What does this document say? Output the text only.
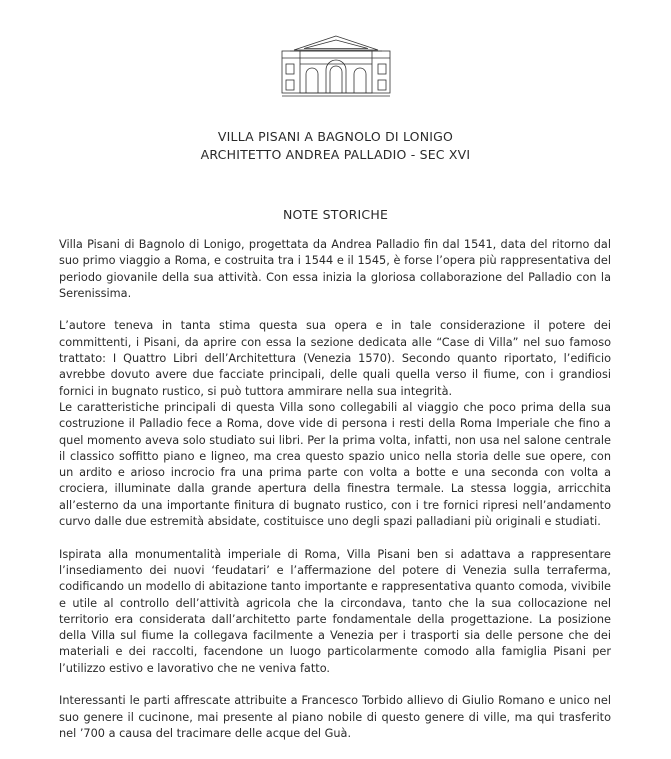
VILLA PISANI A BAGNOLO DI LONIGO
ARCHITETTO ANDREA PALLADIO - SEC XVI
NOTE STORICHE

Villa Pisani di Bagnolo di Lonigo, progettata da Andrea Palladio fin dal 1541, data del ritorno dal suo primo viaggio a Roma, e costruita tra i 1544 e il 1545, è forse l’opera più rappresentativa del periodo giovanile della sua attività. Con essa inizia la gloriosa collaborazione del Palladio con la Serenissima.

L’autore teneva in tanta stima questa sua opera e in tale considerazione il potere dei committenti, i Pisani, da aprire con essa la sezione dedicata alle “Case di Villa” nel suo famoso trattato: I Quattro Libri dell’Architettura (Venezia 1570). Secondo quanto riportato, l’edificio avrebbe dovuto avere due facciate principali, delle quali quella verso il fiume, con i grandiosi fornici in bugnato rustico, si può tuttora ammirare nella sua integrità.

Le caratteristiche principali di questa Villa sono collegabili al viaggio che poco prima della sua costruzione il Palladio fece a Roma, dove vide di persona i resti della Roma Imperiale che fino a quel momento aveva solo studiato sui libri. Per la prima volta, infatti, non usa nel salone centrale il classico soffitto piano e ligneo, ma crea questo spazio unico nella storia delle sue opere, con un ardito e arioso incrocio fra una prima parte con volta a botte e una seconda con volta a crociera, illuminate dalla grande apertura della finestra termale. La stessa loggia, arricchita all’esterno da una importante finitura di bugnato rustico, con i tre fornici ripresi nell’andamento curvo dalle due estremità absidate, costituisce uno degli spazi palladiani più originali e studiati.

Ispirata alla monumentalità imperiale di Roma, Villa Pisani ben si adattava a rappresentare l’insediamento dei nuovi ‘feudatari’ e l’affermazione del potere di Venezia sulla terraferma, codificando un modello di abitazione tanto importante e rappresentativa quanto comoda, vivibile e utile al controllo dell’attività agricola che la circondava, tanto che la sua collocazione nel territorio era considerata dall’architetto parte fondamentale della progettazione. La posizione della Villa sul fiume la collegava facilmente a Venezia per i trasporti sia delle persone che dei materiali e dei raccolti, facendone un luogo particolarmente comodo alla famiglia Pisani per l’utilizzo estivo e lavorativo che ne veniva fatto.

Interessanti le parti affrescate attribuite a Francesco Torbido allievo di Giulio Romano e unico nel suo genere il cucinone, mai presente al piano nobile di questo genere di ville, ma qui trasferito nel ’700 a causa del tracimare delle acque del Guà.
